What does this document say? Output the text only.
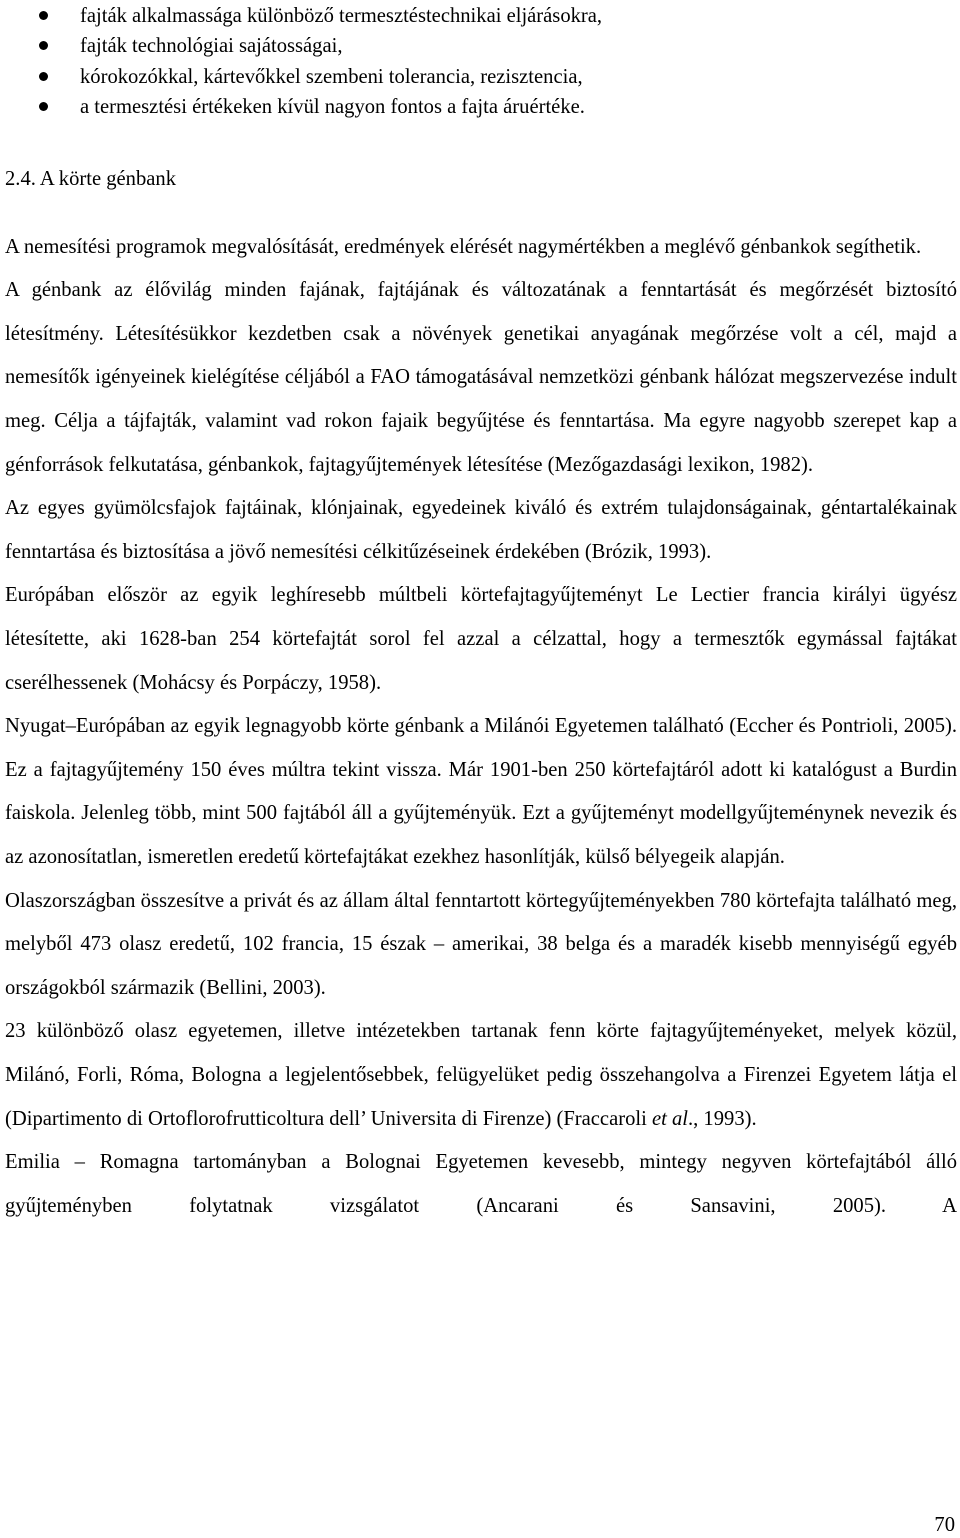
fajták alkalmassága különböző termesztéstechnikai eljárásokra,
fajták technológiai sajátosságai,
kórokozókkal, kártevőkkel szembeni tolerancia, rezisztencia,
a termesztési értékeken kívül nagyon fontos a fajta áruértéke.
2.4. A körte génbank

A nemesítési programok megvalósítását, eredmények elérését nagymértékben a meglévő génbankok segíthetik.

A génbank az élővilág minden fajának, fajtájának és változatának a fenntartását és megőrzését biztosító létesítmény. Létesítésükkor kezdetben csak a növények genetikai anyagának megőrzése volt a cél, majd a nemesítők igényeinek kielégítése céljából a FAO támogatásával nemzetközi génbank hálózat megszervezése indult meg. Célja a tájfajták, valamint vad rokon fajaik begyűjtése és fenntartása. Ma egyre nagyobb szerepet kap a génforrások felkutatása, génbankok, fajtagyűjtemények létesítése (Mezőgazdasági lexikon, 1982).

Az egyes gyümölcsfajok fajtáinak, klónjainak, egyedeinek kiváló és extrém tulajdonságainak, géntartalékainak fenntartása és biztosítása a jövő nemesítési célkitűzéseinek érdekében (Brózik, 1993).

Európában először az egyik leghíresebb múltbeli körtefajtagyűjteményt Le Lectier francia királyi ügyész létesítette, aki 1628-ban 254 körtefajtát sorol fel azzal a célzattal, hogy a termesztők egymással fajtákat cserélhessenek (Mohácsy és Porpáczy, 1958).

Nyugat–Európában az egyik legnagyobb körte génbank a Milánói Egyetemen található (Eccher és Pontrioli, 2005). Ez a fajtagyűjtemény 150 éves múltra tekint vissza. Már 1901-ben 250 körtefajtáról adott ki katalógust a Burdin faiskola. Jelenleg több, mint 500 fajtából áll a gyűjteményük. Ezt a gyűjteményt modellgyűjteménynek nevezik és az azonosítatlan, ismeretlen eredetű körtefajtákat ezekhez hasonlítják, külső bélyegeik alapján.

Olaszországban összesítve a privát és az állam által fenntartott körtegyűjteményekben 780 körtefajta található meg, melyből 473 olasz eredetű, 102 francia, 15 észak – amerikai, 38 belga és a maradék kisebb mennyiségű egyéb országokból származik (Bellini, 2003).

23 különböző olasz egyetemen, illetve intézetekben tartanak fenn körte fajtagyűjteményeket, melyek közül, Milánó, Forli, Róma, Bologna a legjelentősebbek, felügyelüket pedig összehangolva a Firenzei Egyetem látja el (Dipartimento di Ortoflorofrutticoltura dell’ Universita di Firenze) (Fraccaroli et al., 1993).

Emilia – Romagna tartományban a Bolognai Egyetemen kevesebb, mintegy negyven körtefajtából álló gyűjteményben folytatnak vizsgálatot (Ancarani és Sansavini, 2005). A

70
